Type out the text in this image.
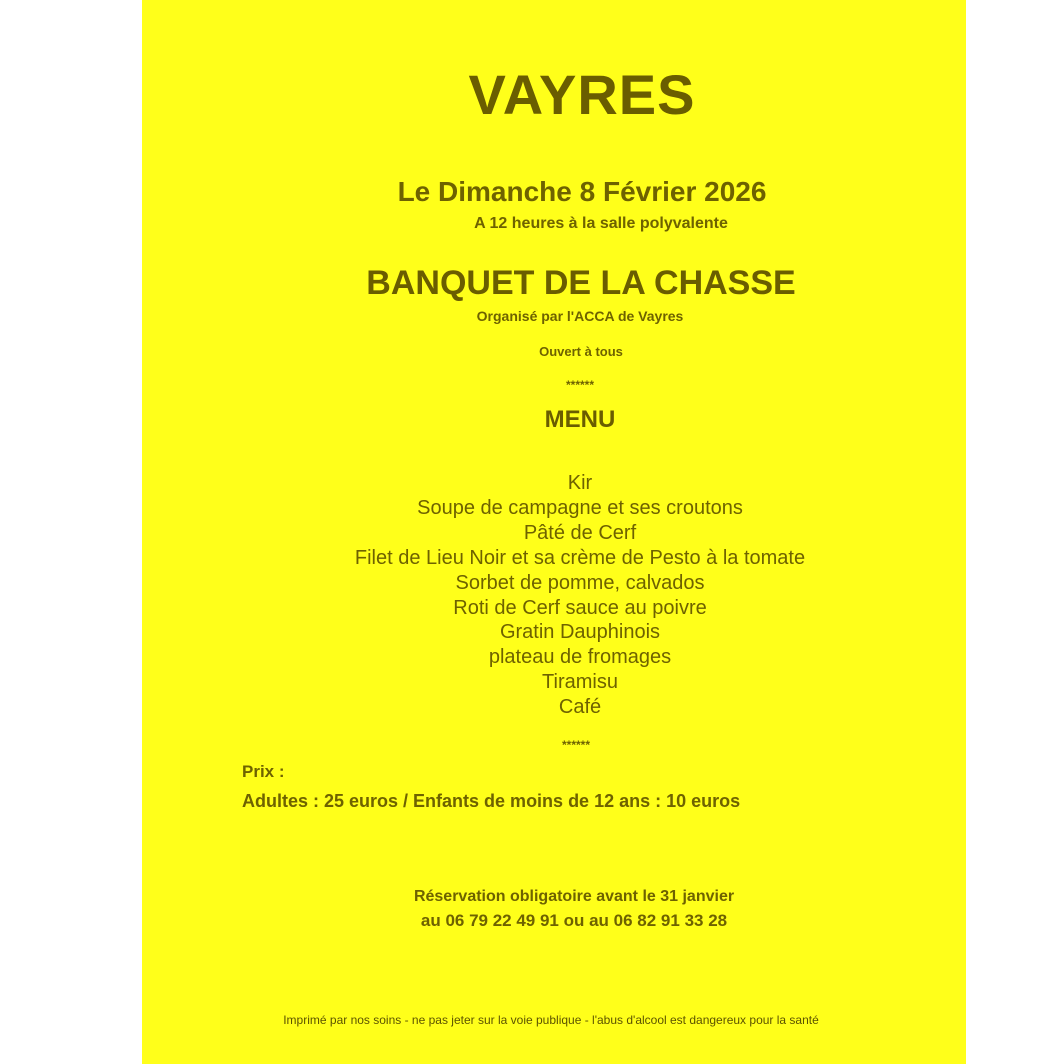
VAYRES
Le Dimanche 8 Février 2026
A 12 heures à la salle polyvalente
BANQUET DE LA CHASSE
Organisé par l'ACCA de Vayres
Ouvert à tous
******
MENU
Kir
Soupe de campagne et ses croutons
Pâté de Cerf
Filet de Lieu Noir et sa crème de Pesto à la tomate
Sorbet de pomme, calvados
Roti de Cerf sauce au poivre
Gratin Dauphinois
plateau de fromages
Tiramisu
Café
******
Prix :
Adultes : 25 euros / Enfants de moins de 12 ans : 10 euros
Réservation obligatoire avant le 31 janvier
au 06 79 22 49 91 ou au 06 82 91 33 28
Imprimé par nos soins - ne pas jeter sur la voie publique - l'abus d'alcool est dangereux pour la santé
